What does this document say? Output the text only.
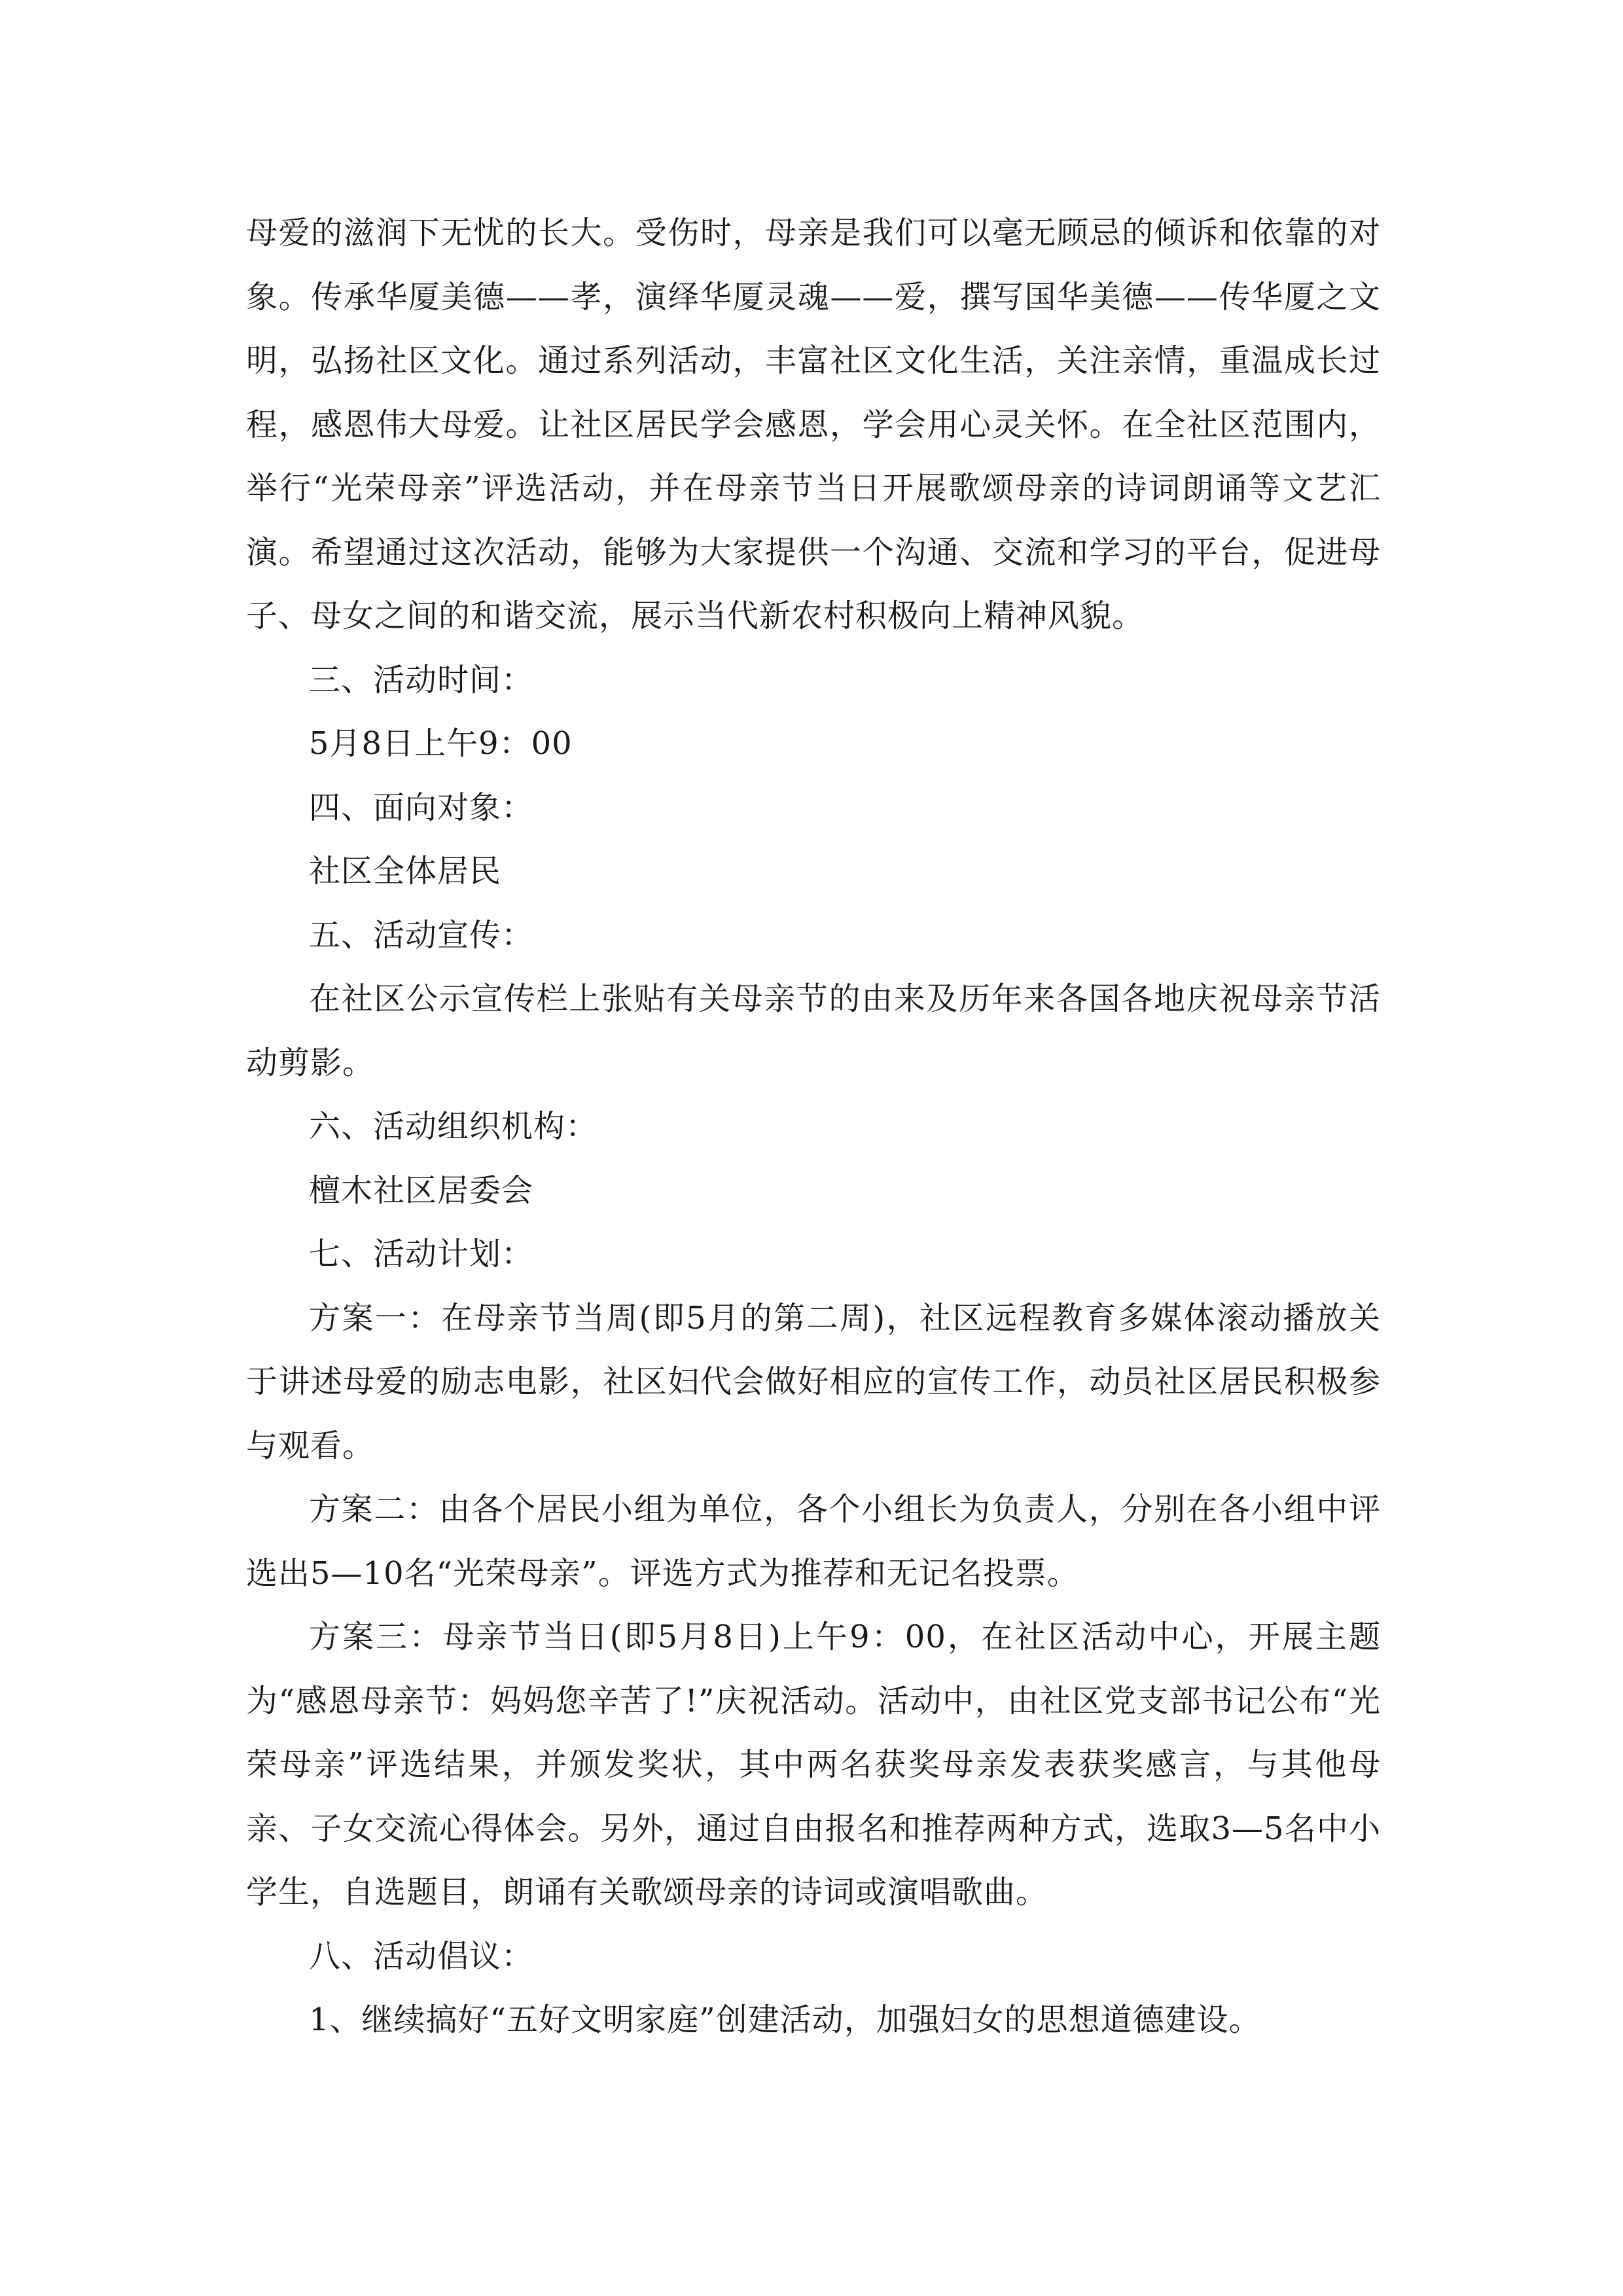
母爱的滋润下无忧的长大。受伤时，母亲是我们可以毫无顾忌的倾诉和依靠的对象。传承华厦美德——孝，演绎华厦灵魂——爱，撰写国华美德——传华厦之文明，弘扬社区文化。通过系列活动，丰富社区文化生活，关注亲情，重温成长过程，感恩伟大母爱。让社区居民学会感恩，学会用心灵关怀。在全社区范围内，举行“光荣母亲”评选活动，并在母亲节当日开展歌颂母亲的诗词朗诵等文艺汇演。希望通过这次活动，能够为大家提供一个沟通、交流和学习的平台，促进母子、母女之间的和谐交流，展示当代新农村积极向上精神风貌。

三、活动时间：

5月8日上午9：00

四、面向对象：

社区全体居民

五、活动宣传：

在社区公示宣传栏上张贴有关母亲节的由来及历年来各国各地庆祝母亲节活动剪影。

六、活动组织机构：

檀木社区居委会

七、活动计划：

方案一：在母亲节当周(即5月的第二周)，社区远程教育多媒体滚动播放关于讲述母爱的励志电影，社区妇代会做好相应的宣传工作，动员社区居民积极参与观看。

方案二：由各个居民小组为单位，各个小组长为负责人，分别在各小组中评选出5—10名“光荣母亲”。评选方式为推荐和无记名投票。

方案三：母亲节当日(即5月8日)上午9：00，在社区活动中心，开展主题为“感恩母亲节：妈妈您辛苦了!”庆祝活动。活动中，由社区党支部书记公布“光荣母亲”评选结果，并颁发奖状，其中两名获奖母亲发表获奖感言，与其他母亲、子女交流心得体会。另外，通过自由报名和推荐两种方式，选取3—5名中小学生，自选题目，朗诵有关歌颂母亲的诗词或演唱歌曲。

八、活动倡议：

1、继续搞好“五好文明家庭”创建活动，加强妇女的思想道德建设。
